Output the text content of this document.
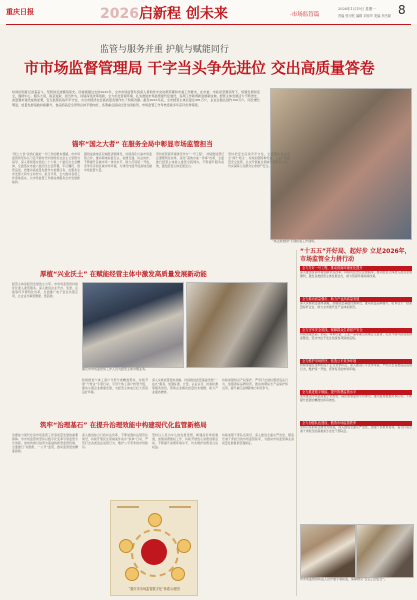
重庆日报	2026启新程 创未来	·市场监管篇	8
2026年1月19日 星期一
责编 张可钦 编辑 刘伟华 美编 李杰颖
监管与服务并重 护航与赋能同行
市市场监督管理局 干字当头争先进位 交出高质量答卷
时间的刻度记录着奋斗，坚毅的足迹镌刻荣光。回首刚刚过去的2025年，全市市场监管系统深入贯彻党中央决策部署和市委工作要求，在市委、市政府坚强领导下，统筹发展和安全，围绕中心、服务大局，锐意进取、担当作为，持续深化改革创新，全力优化营商环境，扎实推进市场监管现代化建设，各项工作取得新进展新成效。经营主体发展活力不断迸发，质量强市建设成效显著，安全监管底线牢牢守住，为全市经济社会高质量发展作出了积极贡献。截至2025年底，全市经营主体总量达381万户，企业总数达到约100万户，同比增长明显，质量发展指数持续攀升，食品药品安全形势总体平稳向好，各项重点指标位居全国前列，市场监管工作考核连续多年获评优秀等级。
“执法进校园”专项检查工作现场。
锚牢“国之大者” 在服务全局中彰显市场监管担当
“国之大者”是我们做好一切工作的根本遵循。市市场监管局坚持以习近平新时代中国特色社会主义思想为指导，深入贯彻落实党的二十大和二十届历次全会精神，全面落实市委六届历次全会部署，牢记嘱托、感恩奋进，把推动高质量发展作为首要任务，在服务全市发展大局中主动作为、担当尽责，全力推动各项工作落地落实，以市场监管工作新成效服务全市发展新格局。
围绕成渝地区双城经济圈建设，持续深化川渝市场监管合作，推动两地标准互认、检测互通、执法协作，不断提升区域市场一体化水平，助力打造统一开放、竞争有序的区域市场环境，为建设内陆开放高地贡献市场监管力量。
坚持把营商环境建设作为“一号工程”，持续推进登记注册便利化改革，深化“高效办成一件事”改革，全面推行经营主体准入准营全程网办，不断提升服务质效，激发经营主体发展活力。
坚持把安全底线牢牢守住，全面落实食品安全“两个责任”，持续加强特种设备、工业产品质量安全监管，扎实开展重点领域专项整治行动，切实保障人民群众生命财产安全。
厚植“兴业沃土” 在赋能经营主体中激发高质量发展新动能
经营主体是经济发展的主力军。市市场监管局持续优化准入准营服务，深入推进企业开办、变更、注销等环节便利化改革，全面推广电子营业执照应用，让企业办事更便捷、更高效。
重庆市市场监管局工作人员为经营主体办理业务。
积极推进个体工商户分型分类精准帮扶，持续开展“个转企”专项行动，引导个体工商户转型升级，推动小微企业健康发展，为经营主体成长壮大营造良好环境。
深入实施质量强市战略，持续推进质量基础设施“一站式”服务，加强标准、计量、认证认可、检验检测等服务供给，帮助企业解决质量技术难题，助力产业提质增效。
持续加强知识产权保护，严厉打击侵权假冒违法行为，加强商标品牌培育，推动地理标志产品保护和运用，提升重庆品牌影响力和竞争力。
筑牢“治理基石” 在提升治理效能中构建现代化监管新格局
治理能力现代化是市场监管工作高质量发展的重要保障。市市场监管局坚持以数字化变革引领监管方式创新，加快构建以信用为基础的新型监管机制，全面推行“双随机、一公开”监管，推动监管更加精准高效。
深入推进综合行政执法改革，不断加强执法规范化建设，持续开展民生领域案件查办“铁拳”行动，严厉打击各类违法违规行为，维护公平竞争的市场秩序。
坚持以人民为中心的发展思想，畅通投诉举报渠道，加强消费维权工作，持续开展放心消费创建活动，不断提升消费环境水平，切实维护消费者合法权益。
持续加强干部队伍建设，深入推进全面从严治党，锻造忠诚干净担当的市场监管铁军，为推动市场监管事业高质量发展提供坚强保证。
“重庆市市场监管数字化”体系示意图
“十五五”开好局、起好步 立足2026年，市场监管全力拼行动
全力打好一号工程，推动营商环境优化提升
深入推进营商环境创新试点改革，持续优化登记注册服务，推动经营主体准入准营更加便利，激发各类经营主体发展活力，助力营商环境持续改善。
全力推动质量强市，助力产业高质量发展
深入实施质量强市战略，加强质量基础设施建设，推动质量品牌提升，培育壮大一批质量标杆企业，助力全市现代化产业体系建设。
全力守牢安全底线，保障群众生命财产安全
持续加强食品、药品、特种设备、工业产品等重点领域安全监管，扎实开展风险隐患排查整治，坚决守住不发生系统性风险的底线。
全力维护市场秩序，营造公平竞争环境
持续加强反垄断和反不正当竞争执法，深入推进公平竞争审查，严厉打击各类违法违规行为，维护统一开放、竞争有序的市场环境。
全力推进数字赋能，提升智慧监管水平
加快推进市场监管数字化转型，深化智慧监管平台建设，推动监管数据共享应用，不断提升监管的精准性和有效性。
全力加强队伍建设，锻造市场监管铁军
坚持以党的政治建设为统领，深入推进全面从严治党，加强干部教育培训，着力打造忠诚干净担当的高素质专业化干部队伍。
市市场监管局执法人员开展专项检查，保障群众“舌尖上的安全”。
